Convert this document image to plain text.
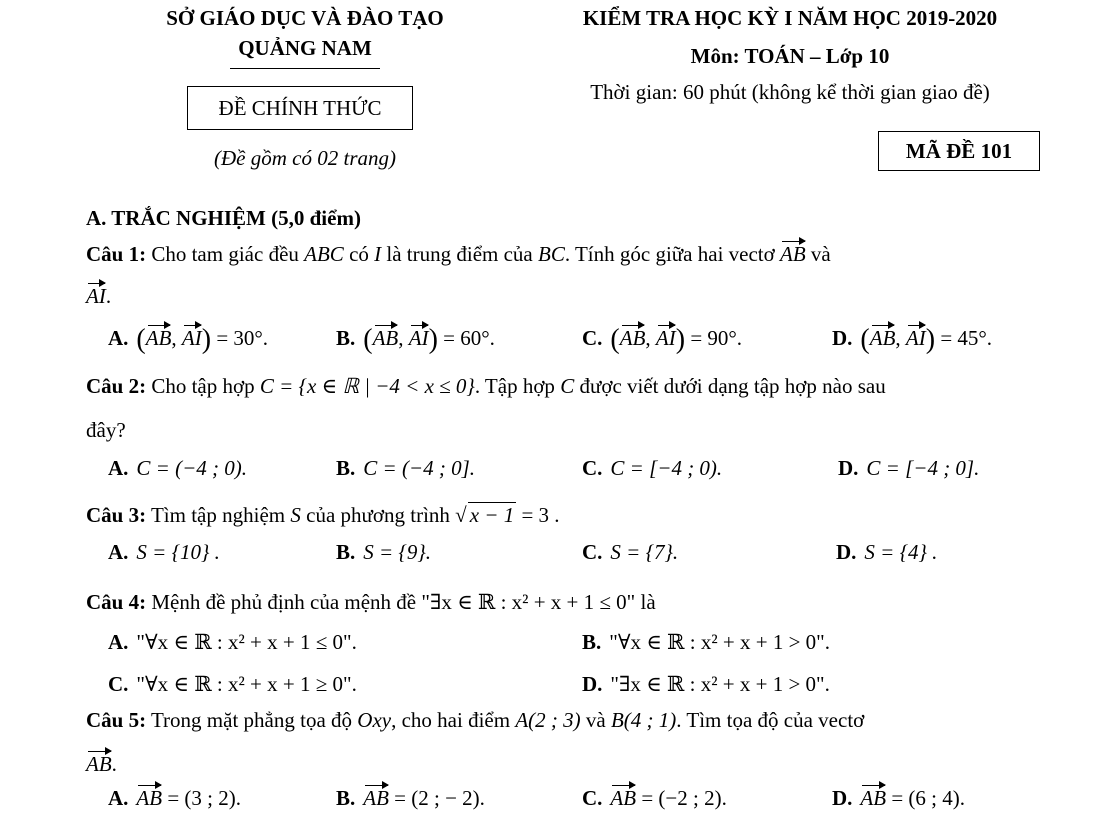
SỞ GIÁO DỤC VÀ ĐÀO TẠO
QUẢNG NAM
ĐỀ CHÍNH THỨC
(Đề gồm có 02 trang)
KIỂM TRA HỌC KỲ I NĂM HỌC 2019-2020
Môn: TOÁN – Lớp 10
Thời gian: 60 phút (không kể thời gian giao đề)
MÃ ĐỀ 101
A. TRẮC NGHIỆM (5,0 điểm)
Câu 1: Cho tam giác đều ABC có I là trung điểm của BC. Tính góc giữa hai vectơ AB và
AI.
A. (AB, AI) = 30°.	B. (AB, AI) = 60°.	C. (AB, AI) = 90°.	D. (AB, AI) = 45°.
Câu 2: Cho tập hợp C = {x ∈ ℝ | −4 < x ≤ 0}. Tập hợp C được viết dưới dạng tập hợp nào sau
đây?
A. C = (−4 ; 0).	B. C = (−4 ; 0].	C. C = [−4 ; 0).	D. C = [−4 ; 0].
Câu 3: Tìm tập nghiệm S của phương trình √ x − 1 = 3 .
A. S = {10} .	B. S = {9}.	C. S = {7}.	D. S = {4} .
Câu 4: Mệnh đề phủ định của mệnh đề "∃x ∈ ℝ : x² + x + 1 ≤ 0" là
A. "∀x ∈ ℝ : x² + x + 1 ≤ 0".	B. "∀x ∈ ℝ : x² + x + 1 > 0".
C. "∀x ∈ ℝ : x² + x + 1 ≥ 0".	D. "∃x ∈ ℝ : x² + x + 1 > 0".
Câu 5: Trong mặt phẳng tọa độ Oxy, cho hai điểm A(2 ; 3) và B(4 ; 1). Tìm tọa độ của vectơ
AB.
A. AB = (3 ; 2).	B. AB = (2 ; − 2).	C. AB = (−2 ; 2).	D. AB = (6 ; 4).
